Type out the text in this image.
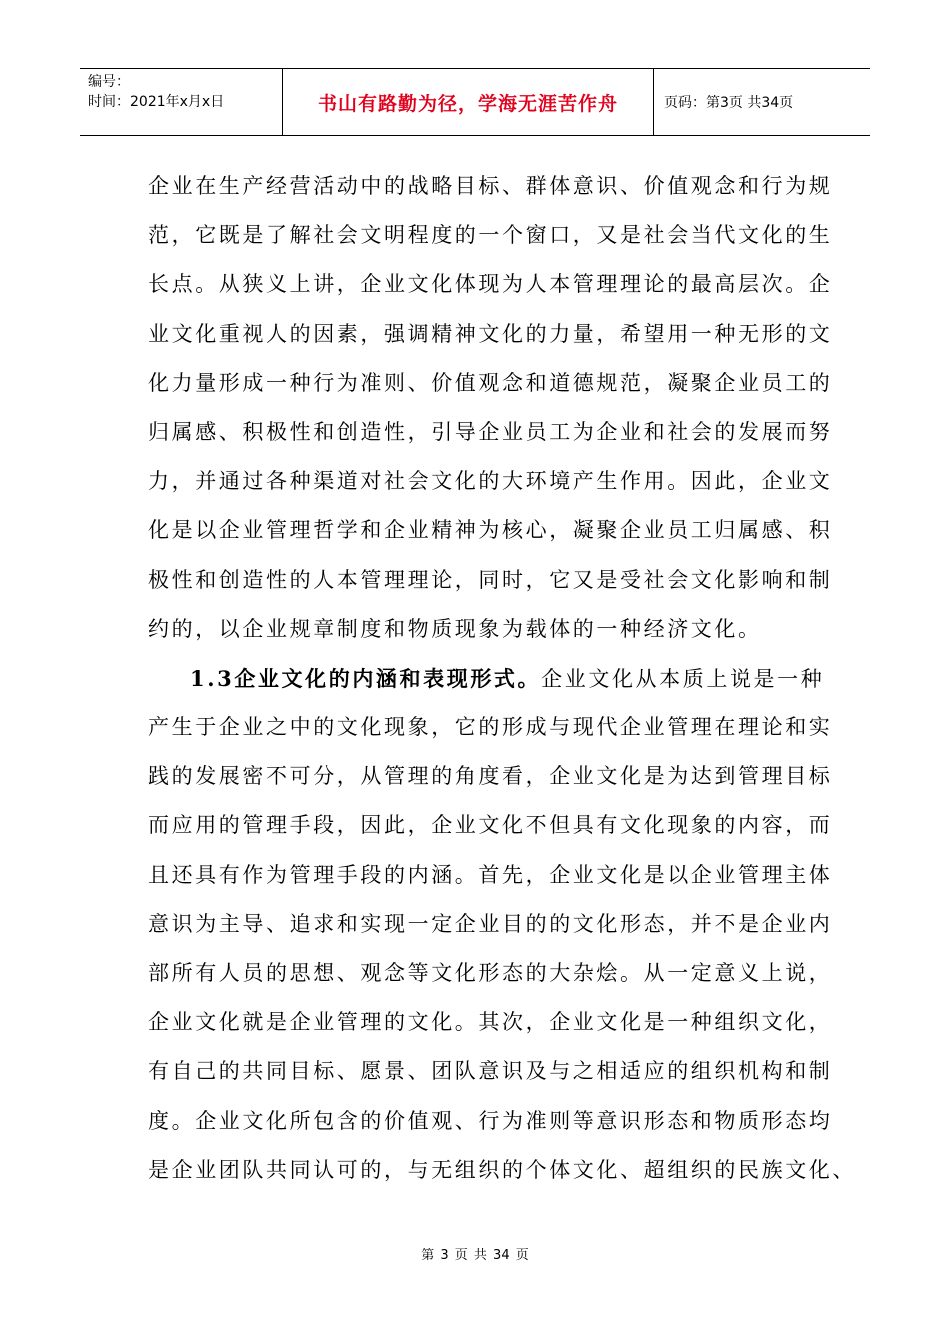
编号：
时间：2021年x月x日	书山有路勤为径，学海无涯苦作舟	页码：第3页 共34页
企业在生产经营活动中的战略目标、群体意识、价值观念和行为规
范，它既是了解社会文明程度的一个窗口，又是社会当代文化的生
长点。从狭义上讲，企业文化体现为人本管理理论的最高层次。企
业文化重视人的因素，强调精神文化的力量，希望用一种无形的文
化力量形成一种行为准则、价值观念和道德规范，凝聚企业员工的
归属感、积极性和创造性，引导企业员工为企业和社会的发展而努
力，并通过各种渠道对社会文化的大环境产生作用。因此，企业文
化是以企业管理哲学和企业精神为核心，凝聚企业员工归属感、积
极性和创造性的人本管理理论，同时，它又是受社会文化影响和制
约的，以企业规章制度和物质现象为载体的一种经济文化。
1.3企业文化的内涵和表现形式。企业文化从本质上说是一种
产生于企业之中的文化现象，它的形成与现代企业管理在理论和实
践的发展密不可分，从管理的角度看，企业文化是为达到管理目标
而应用的管理手段，因此，企业文化不但具有文化现象的内容，而
且还具有作为管理手段的内涵。首先，企业文化是以企业管理主体
意识为主导、追求和实现一定企业目的的文化形态，并不是企业内
部所有人员的思想、观念等文化形态的大杂烩。从一定意义上说，
企业文化就是企业管理的文化。其次，企业文化是一种组织文化，
有自己的共同目标、愿景、团队意识及与之相适应的组织机构和制
度。企业文化所包含的价值观、行为准则等意识形态和物质形态均
是企业团队共同认可的，与无组织的个体文化、超组织的民族文化、
第 3 页 共 34 页
